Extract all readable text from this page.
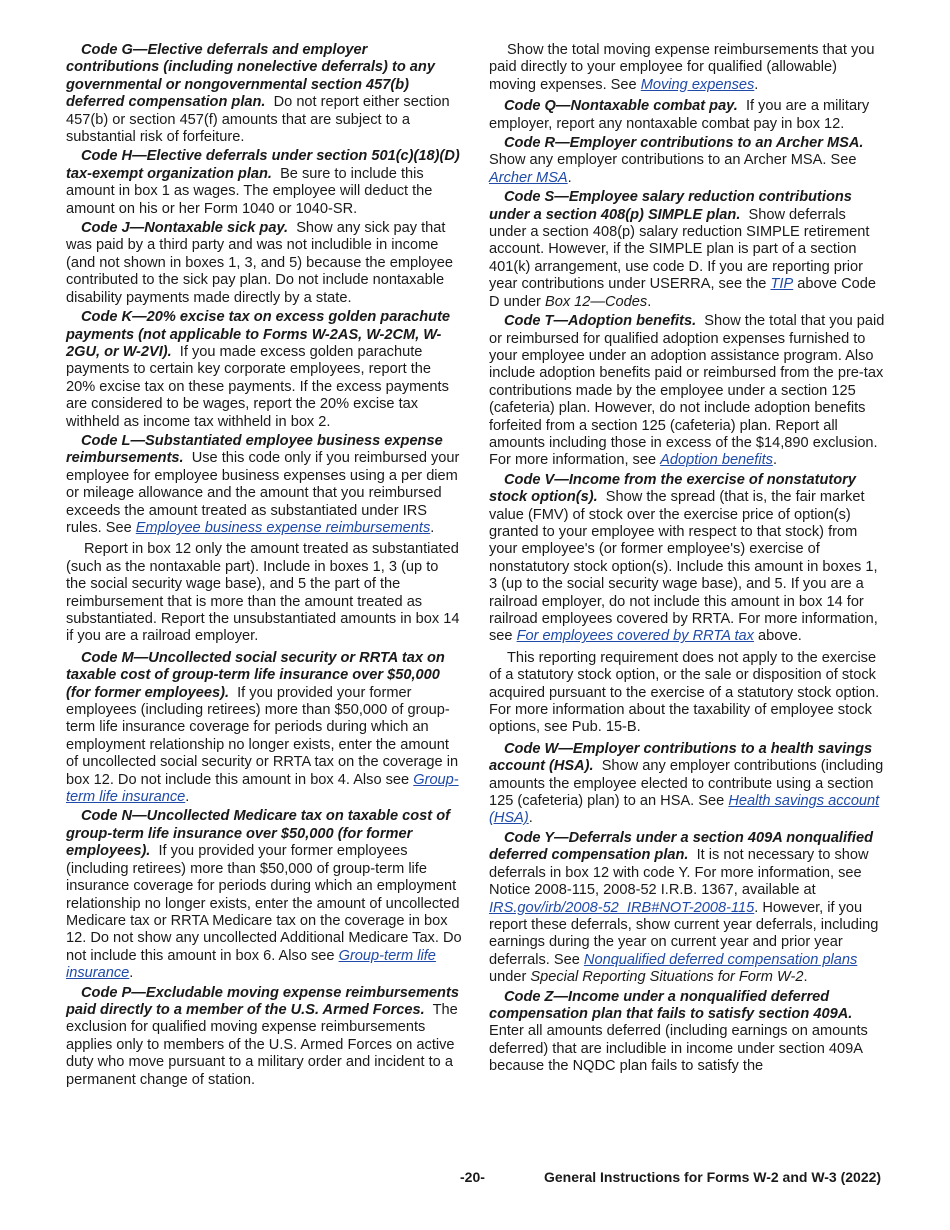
Code G—Elective deferrals and employer contributions (including nonelective deferrals) to any governmental or nongovernmental section 457(b) deferred compensation plan. Do not report either section 457(b) or section 457(f) amounts that are subject to a substantial risk of forfeiture.

Code H—Elective deferrals under section 501(c)(18)(D) tax-exempt organization plan. Be sure to include this amount in box 1 as wages. The employee will deduct the amount on his or her Form 1040 or 1040-SR.

Code J—Nontaxable sick pay. Show any sick pay that was paid by a third party and was not includible in income (and not shown in boxes 1, 3, and 5) because the employee contributed to the sick pay plan. Do not include nontaxable disability payments made directly by a state.

Code K—20% excise tax on excess golden parachute payments (not applicable to Forms W-2AS, W-2CM, W-2GU, or W-2VI). If you made excess golden parachute payments to certain key corporate employees, report the 20% excise tax on these payments. If the excess payments are considered to be wages, report the 20% excise tax withheld as income tax withheld in box 2.

Code L—Substantiated employee business expense reimbursements. Use this code only if you reimbursed your employee for employee business expenses using a per diem or mileage allowance and the amount that you reimbursed exceeds the amount treated as substantiated under IRS rules. See Employee business expense reimbursements.

Report in box 12 only the amount treated as substantiated (such as the nontaxable part). Include in boxes 1, 3 (up to the social security wage base), and 5 the part of the reimbursement that is more than the amount treated as substantiated. Report the unsubstantiated amounts in box 14 if you are a railroad employer.

Code M—Uncollected social security or RRTA tax on taxable cost of group-term life insurance over $50,000 (for former employees). If you provided your former employees (including retirees) more than $50,000 of group-term life insurance coverage for periods during which an employment relationship no longer exists, enter the amount of uncollected social security or RRTA tax on the coverage in box 12. Do not include this amount in box 4. Also see Group-term life insurance.

Code N—Uncollected Medicare tax on taxable cost of group-term life insurance over $50,000 (for former employees). If you provided your former employees (including retirees) more than $50,000 of group-term life insurance coverage for periods during which an employment relationship no longer exists, enter the amount of uncollected Medicare tax or RRTA Medicare tax on the coverage in box 12. Do not show any uncollected Additional Medicare Tax. Do not include this amount in box 6. Also see Group-term life insurance.

Code P—Excludable moving expense reimbursements paid directly to a member of the U.S. Armed Forces. The exclusion for qualified moving expense reimbursements applies only to members of the U.S. Armed Forces on active duty who move pursuant to a military order and incident to a permanent change of station.

Show the total moving expense reimbursements that you paid directly to your employee for qualified (allowable) moving expenses. See Moving expenses.

Code Q—Nontaxable combat pay. If you are a military employer, report any nontaxable combat pay in box 12.

Code R—Employer contributions to an Archer MSA.  Show any employer contributions to an Archer MSA. See Archer MSA.

Code S—Employee salary reduction contributions under a section 408(p) SIMPLE plan. Show deferrals under a section 408(p) salary reduction SIMPLE retirement account. However, if the SIMPLE plan is part of a section 401(k) arrangement, use code D. If you are reporting prior year contributions under USERRA, see the TIP above Code D under Box 12—Codes.

Code T—Adoption benefits. Show the total that you paid or reimbursed for qualified adoption expenses furnished to your employee under an adoption assistance program. Also include adoption benefits paid or reimbursed from the pre-tax contributions made by the employee under a section 125 (cafeteria) plan. However, do not include adoption benefits forfeited from a section 125 (cafeteria) plan. Report all amounts including those in excess of the $14,890 exclusion. For more information, see Adoption benefits.

Code V—Income from the exercise of nonstatutory stock option(s). Show the spread (that is, the fair market value (FMV) of stock over the exercise price of option(s) granted to your employee with respect to that stock) from your employee's (or former employee's) exercise of nonstatutory stock option(s). Include this amount in boxes 1, 3 (up to the social security wage base), and 5. If you are a railroad employer, do not include this amount in box 14 for railroad employees covered by RRTA. For more information, see For employees covered by RRTA tax above.

This reporting requirement does not apply to the exercise of a statutory stock option, or the sale or disposition of stock acquired pursuant to the exercise of a statutory stock option. For more information about the taxability of employee stock options, see Pub. 15-B.

Code W—Employer contributions to a health savings account (HSA). Show any employer contributions (including amounts the employee elected to contribute using a section 125 (cafeteria) plan) to an HSA. See Health savings account (HSA).

Code Y—Deferrals under a section 409A nonqualified deferred compensation plan. It is not necessary to show deferrals in box 12 with code Y. For more information, see Notice 2008-115, 2008-52 I.R.B. 1367, available at IRS.gov/irb/2008-52_IRB#NOT-2008-115. However, if you report these deferrals, show current year deferrals, including earnings during the year on current year and prior year deferrals. See Nonqualified deferred compensation plans under Special Reporting Situations for Form W-2.

Code Z—Income under a nonqualified deferred compensation plan that fails to satisfy section 409A. Enter all amounts deferred (including earnings on amounts deferred) that are includible in income under section 409A because the NQDC plan fails to satisfy the

-20-	General Instructions for Forms W-2 and W-3 (2022)
